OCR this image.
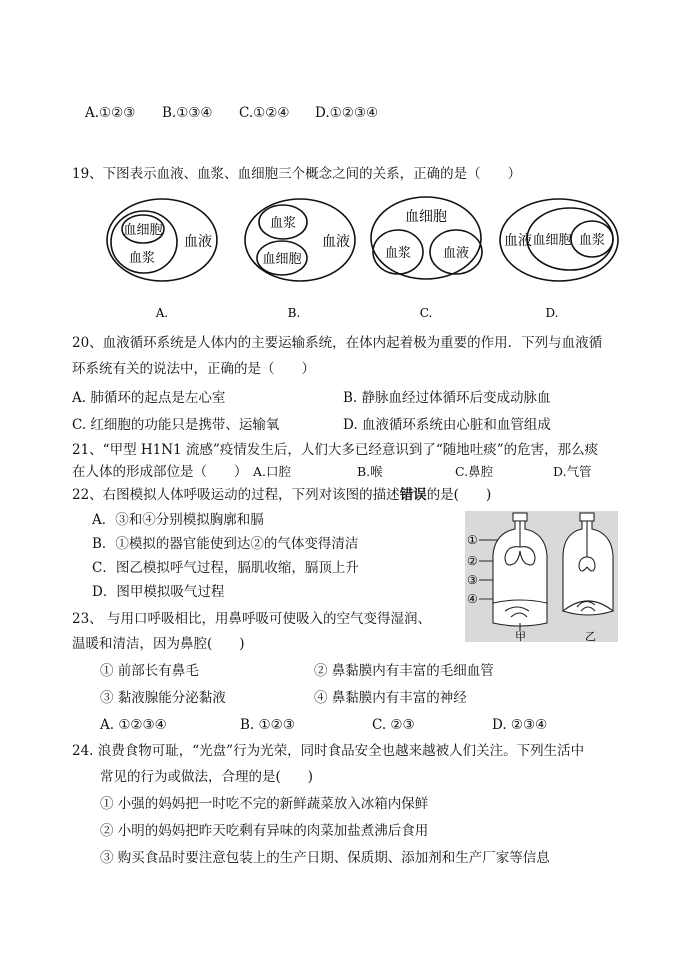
A.①②③ B.①③④ C.①②④ D.①②③④
19、下图表示血液、血浆、血细胞三个概念之间的关系，正确的是（　　）
血液
血细胞
血浆
A.
血液
血浆
血细胞
B.
血细胞
血浆 血液
C.
血液 血细胞 血浆
D.
20、血液循环系统是人体内的主要运输系统，在体内起着极为重要的作用．下列与血液循
环系统有关的说法中，正确的是（　　）
A. 肺循环的起点是左心室	B. 静脉血经过体循环后变成动脉血
C. 红细胞的功能只是携带、运输氧	D. 血液循环系统由心脏和血管组成
21、“甲型 H1N1 流感”疫情发生后，人们大多已经意识到了“随地吐痰”的危害，那么痰
在人体的形成部位是（　　） A.口腔	B.喉	C.鼻腔	D.气管
22、右图模拟人体呼吸运动的过程，下列对该图的描述错误的是(　　)
A．③和④分别模拟胸廓和膈
B．①模拟的器官能使到达②的气体变得清洁
C．图乙模拟呼气过程，膈肌收缩，膈顶上升
D．图甲模拟吸气过程
①
②
③
④
甲	乙
23、 与用口呼吸相比，用鼻呼吸可使吸入的空气变得湿润、
温暖和清洁，因为鼻腔(　　)
① 前部长有鼻毛	② 鼻黏膜内有丰富的毛细血管
③ 黏液腺能分泌黏液	④ 鼻黏膜内有丰富的神经
A. ①②③④	B. ①②③	C. ②③	D. ②③④
24. 浪费食物可耻，“光盘”行为光荣，同时食品安全也越来越被人们关注。下列生活中
常见的行为或做法，合理的是(　　)
① 小强的妈妈把一时吃不完的新鲜蔬菜放入冰箱内保鲜
② 小明的妈妈把昨天吃剩有异味的肉菜加盐煮沸后食用
③ 购买食品时要注意包装上的生产日期、保质期、添加剂和生产厂家等信息
